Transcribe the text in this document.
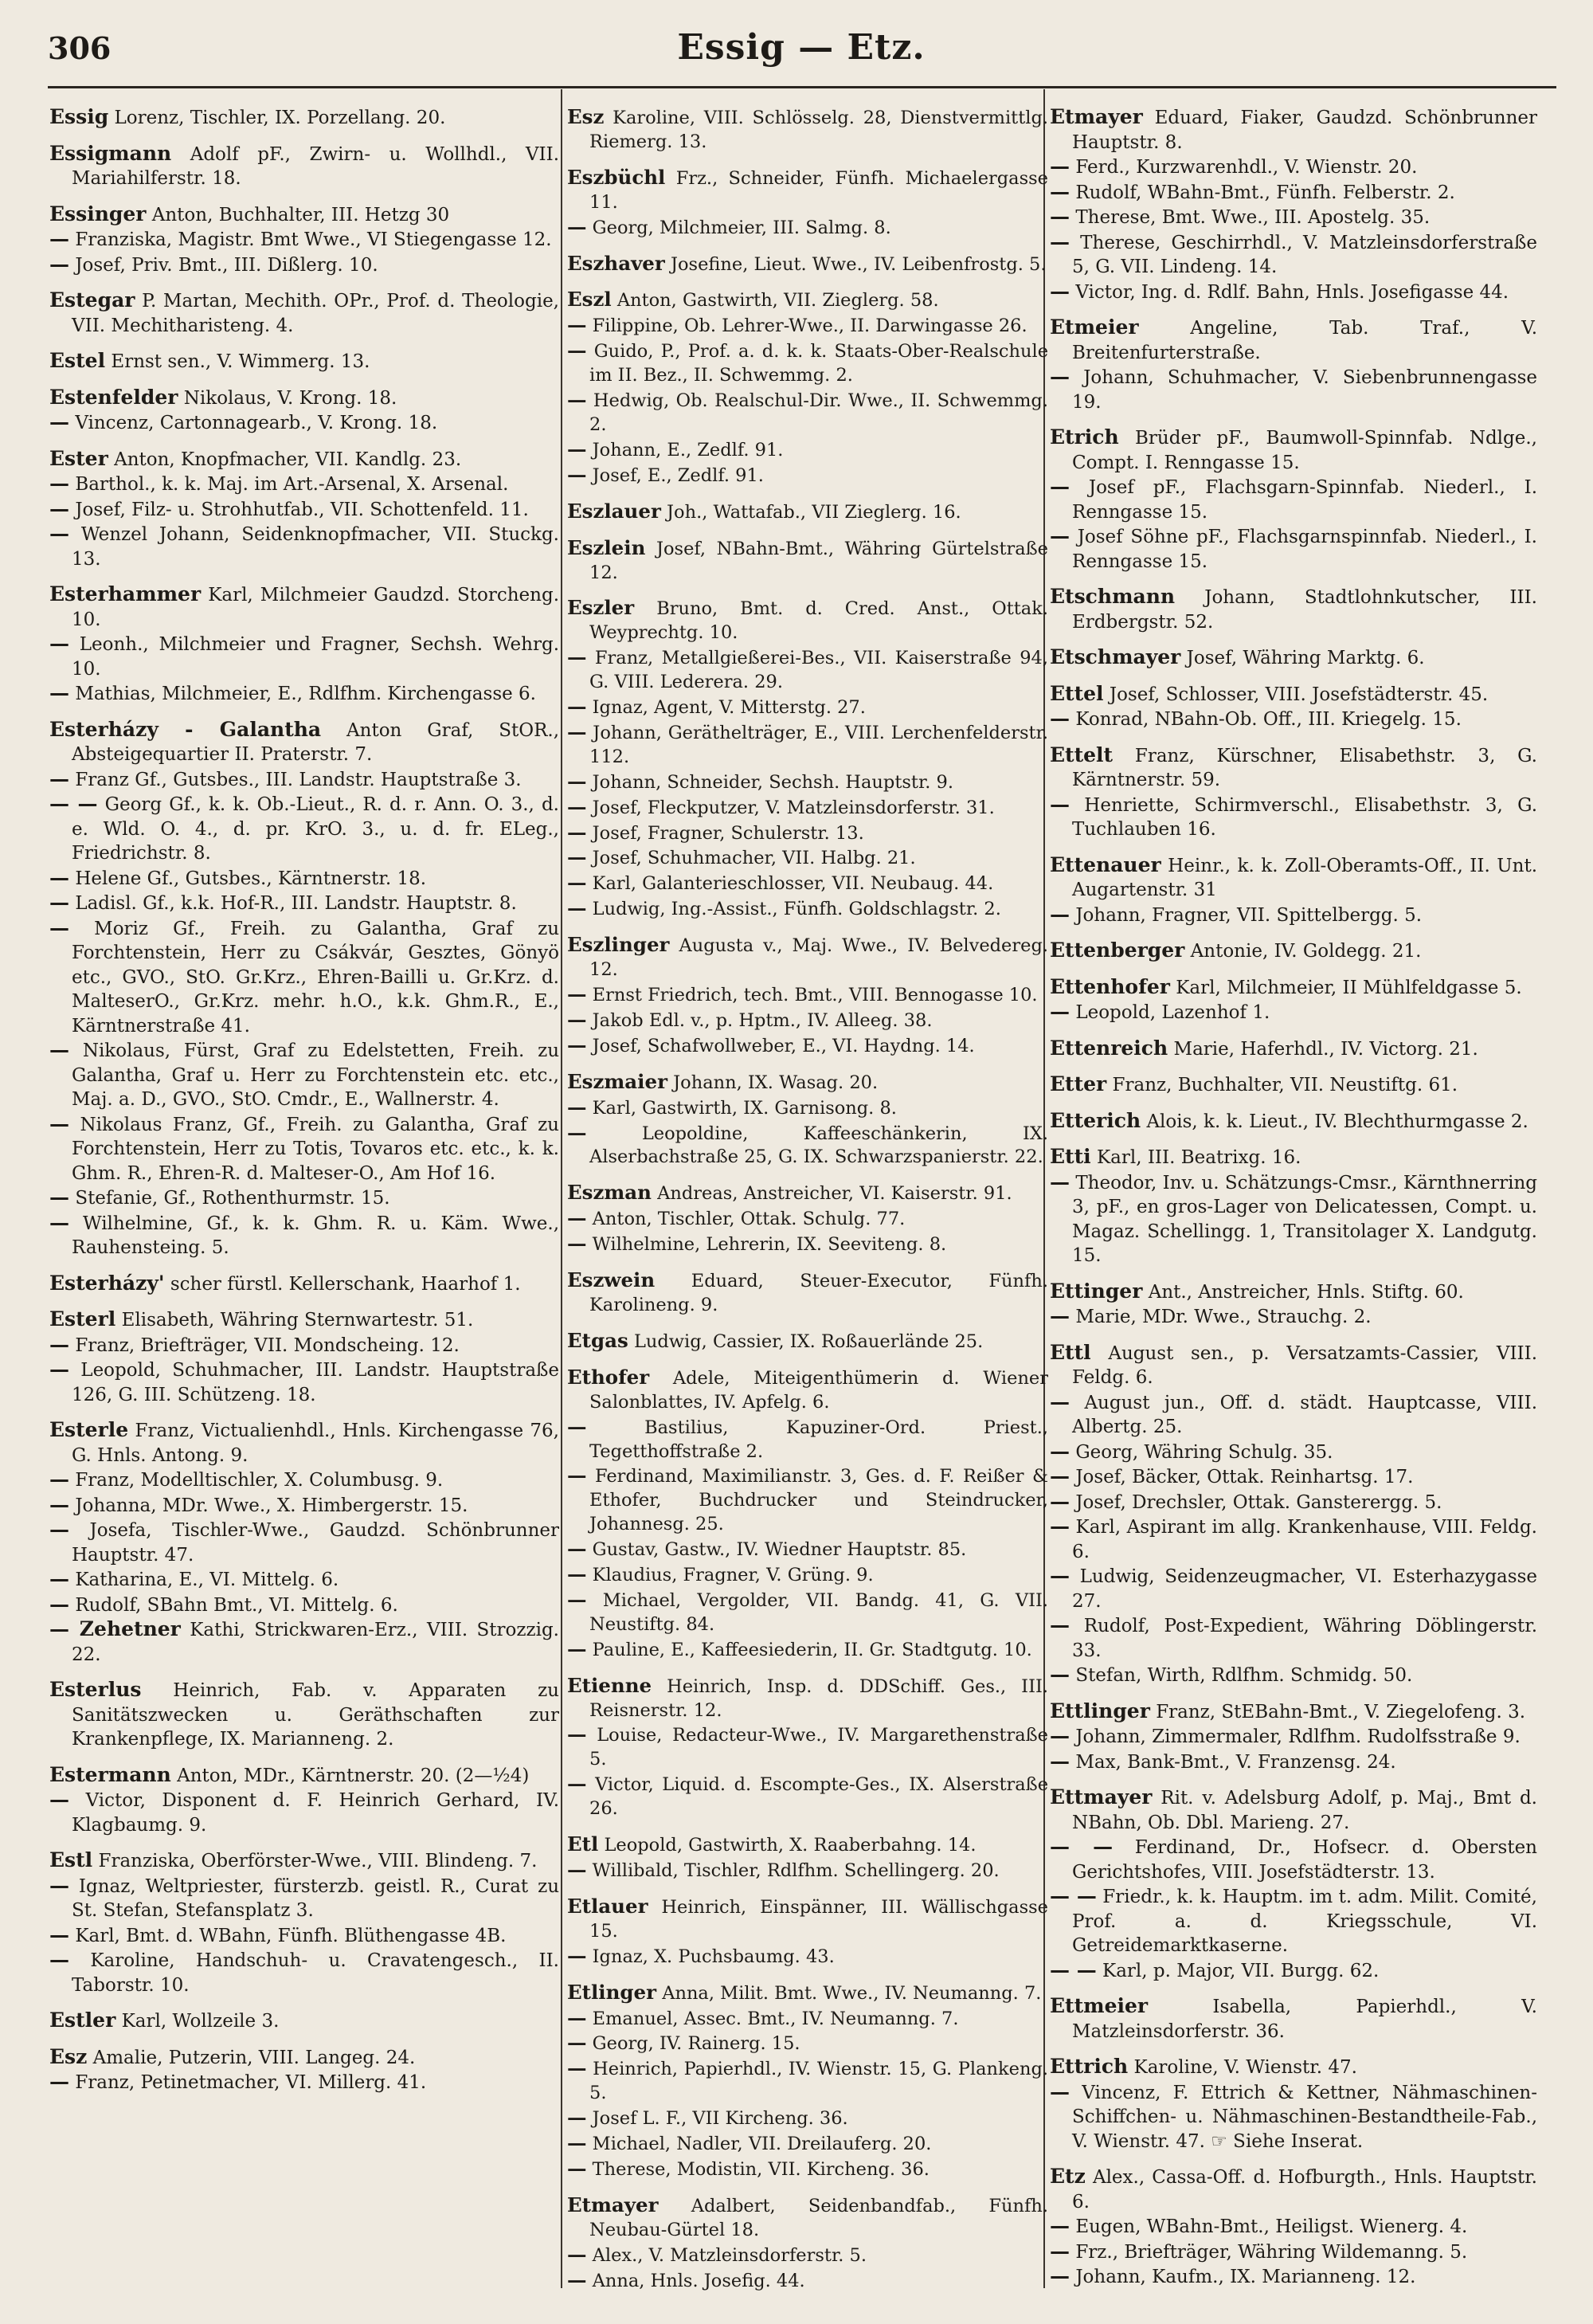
306	Essig — Etz.
Essig Lorenz, Tischler, IX. Porzellang. 20.
Essigmann Adolf pF., Zwirn- u. Wollhdl., VII. Mariahilferstr. 18.
Essinger Anton, Buchhalter, III. Hetzg 30
— Franziska, Magistr. Bmt Wwe., VI Stiegengasse 12.
— Josef, Priv. Bmt., III. Dißlerg. 10.
Estegar P. Martan, Mechith. OPr., Prof. d. Theologie, VII. Mechitharisteng. 4.
Estel Ernst sen., V. Wimmerg. 13.
Estenfelder Nikolaus, V. Krong. 18.
— Vincenz, Cartonnagearb., V. Krong. 18.
Ester Anton, Knopfmacher, VII. Kandlg. 23.
— Barthol., k. k. Maj. im Art.-Arsenal, X. Arsenal.
— Josef, Filz- u. Strohhutfab., VII. Schottenfeld. 11.
— Wenzel Johann, Seidenknopfmacher, VII. Stuckg. 13.
Esterhammer Karl, Milchmeier Gaudzd. Storcheng. 10.
— Leonh., Milchmeier und Fragner, Sechsh. Wehrg. 10.
— Mathias, Milchmeier, E., Rdlfhm. Kirchengasse 6.
Esterházy - Galantha Anton Graf, StOR., Absteigequartier II. Praterstr. 7.
— Franz Gf., Gutsbes., III. Landstr. Hauptstraße 3.
— — Georg Gf., k. k. Ob.-Lieut., R. d. r. Ann. O. 3., d. e. Wld. O. 4., d. pr. KrO. 3., u. d. fr. ELeg., Friedrichstr. 8.
— Helene Gf., Gutsbes., Kärntnerstr. 18.
— Ladisl. Gf., k.k. Hof-R., III. Landstr. Hauptstr. 8.
— Moriz Gf., Freih. zu Galantha, Graf zu Forchtenstein, Herr zu Csákvár, Gesztes, Gönyö etc., GVO., StO. Gr.Krz., Ehren-Bailli u. Gr.Krz. d. MalteserO., Gr.Krz. mehr. h.O., k.k. Ghm.R., E., Kärntnerstraße 41.
— Nikolaus, Fürst, Graf zu Edelstetten, Freih. zu Galantha, Graf u. Herr zu Forchtenstein etc. etc., Maj. a. D., GVO., StO. Cmdr., E., Wallnerstr. 4.
— Nikolaus Franz, Gf., Freih. zu Galantha, Graf zu Forchtenstein, Herr zu Totis, Tovaros etc. etc., k. k. Ghm. R., Ehren-R. d. Malteser-O., Am Hof 16.
— Stefanie, Gf., Rothenthurmstr. 15.
— Wilhelmine, Gf., k. k. Ghm. R. u. Käm. Wwe., Rauhensteing. 5.
Esterházy' scher fürstl. Kellerschank, Haarhof 1.
Esterl Elisabeth, Währing Sternwartestr. 51.
— Franz, Briefträger, VII. Mondscheing. 12.
— Leopold, Schuhmacher, III. Landstr. Hauptstraße 126, G. III. Schützeng. 18.
Esterle Franz, Victualienhdl., Hnls. Kirchengasse 76, G. Hnls. Antong. 9.
— Franz, Modelltischler, X. Columbusg. 9.
— Johanna, MDr. Wwe., X. Himbergerstr. 15.
— Josefa, Tischler-Wwe., Gaudzd. Schönbrunner Hauptstr. 47.
— Katharina, E., VI. Mittelg. 6.
— Rudolf, SBahn Bmt., VI. Mittelg. 6.
— Zehetner Kathi, Strickwaren-Erz., VIII. Strozzig. 22.
Esterlus Heinrich, Fab. v. Apparaten zu Sanitätszwecken u. Geräthschaften zur Krankenpflege, IX. Marianneng. 2.
Estermann Anton, MDr., Kärntnerstr. 20. (2—½4)
— Victor, Disponent d. F. Heinrich Gerhard, IV. Klagbaumg. 9.
Estl Franziska, Oberförster-Wwe., VIII. Blindeng. 7.
— Ignaz, Weltpriester, fürsterzb. geistl. R., Curat zu St. Stefan, Stefansplatz 3.
— Karl, Bmt. d. WBahn, Fünfh. Blüthengasse 4B.
— Karoline, Handschuh- u. Cravatengesch., II. Taborstr. 10.
Estler Karl, Wollzeile 3.
Esz Amalie, Putzerin, VIII. Langeg. 24.
— Franz, Petinetmacher, VI. Millerg. 41.
Esz Karoline, VIII. Schlösselg. 28, Dienstvermittlg. Riemerg. 13.
Eszbüchl Frz., Schneider, Fünfh. Michaelergasse 11.
— Georg, Milchmeier, III. Salmg. 8.
Eszhaver Josefine, Lieut. Wwe., IV. Leibenfrostg. 5.
Eszl Anton, Gastwirth, VII. Zieglerg. 58.
— Filippine, Ob. Lehrer-Wwe., II. Darwingasse 26.
— Guido, P., Prof. a. d. k. k. Staats-Ober-Realschule im II. Bez., II. Schwemmg. 2.
— Hedwig, Ob. Realschul-Dir. Wwe., II. Schwemmg. 2.
— Johann, E., Zedlf. 91.
— Josef, E., Zedlf. 91.
Eszlauer Joh., Wattafab., VII Zieglerg. 16.
Eszlein Josef, NBahn-Bmt., Währing Gürtelstraße 12.
Eszler Bruno, Bmt. d. Cred. Anst., Ottak. Weyprechtg. 10.
— Franz, Metallgießerei-Bes., VII. Kaiserstraße 94, G. VIII. Lederera. 29.
— Ignaz, Agent, V. Mitterstg. 27.
— Johann, Geräthelträger, E., VIII. Lerchenfelderstr. 112.
— Johann, Schneider, Sechsh. Hauptstr. 9.
— Josef, Fleckputzer, V. Matzleinsdorferstr. 31.
— Josef, Fragner, Schulerstr. 13.
— Josef, Schuhmacher, VII. Halbg. 21.
— Karl, Galanterieschlosser, VII. Neubaug. 44.
— Ludwig, Ing.-Assist., Fünfh. Goldschlagstr. 2.
Eszlinger Augusta v., Maj. Wwe., IV. Belvedereg. 12.
— Ernst Friedrich, tech. Bmt., VIII. Bennogasse 10.
— Jakob Edl. v., p. Hptm., IV. Alleeg. 38.
— Josef, Schafwollweber, E., VI. Haydng. 14.
Eszmaier Johann, IX. Wasag. 20.
— Karl, Gastwirth, IX. Garnisong. 8.
—	Leopoldine, Kaffeeschänkerin, IX. Alserbachstraße 25, G. IX. Schwarzspanierstr. 22.
Eszman Andreas, Anstreicher, VI. Kaiserstr. 91.
— Anton, Tischler, Ottak. Schulg. 77.
— Wilhelmine, Lehrerin, IX. Seeviteng. 8.
Eszwein Eduard, Steuer-Executor, Fünfh. Karolineng. 9.
Etgas Ludwig, Cassier, IX. Roßauerlände 25.
Ethofer Adele, Miteigenthümerin d. Wiener Salonblattes, IV. Apfelg. 6.
—	Bastilius, Kapuziner-Ord. Priest., Tegetthoffstraße 2.
— Ferdinand, Maximilianstr. 3, Ges. d. F. Reißer & Ethofer, Buchdrucker und Steindrucker, Johannesg. 25.
— Gustav, Gastw., IV. Wiedner Hauptstr. 85.
— Klaudius, Fragner, V. Grüng. 9.
— Michael, Vergolder, VII. Bandg. 41, G. VII. Neustiftg. 84.
— Pauline, E., Kaffeesiederin, II. Gr. Stadtgutg. 10.
Etienne Heinrich, Insp. d. DDSchiff. Ges., III. Reisnerstr. 12.
— Louise, Redacteur-Wwe., IV. Margarethenstraße 5.
— Victor, Liquid. d. Escompte-Ges., IX. Alserstraße 26.
Etl Leopold, Gastwirth, X. Raaberbahng. 14.
— Willibald, Tischler, Rdlfhm. Schellingerg. 20.
Etlauer Heinrich, Einspänner, III. Wällischgasse 15.
— Ignaz, X. Puchsbaumg. 43.
Etlinger Anna, Milit. Bmt. Wwe., IV. Neumanng. 7.
— Emanuel, Assec. Bmt., IV. Neumanng. 7.
— Georg, IV. Rainerg. 15.
— Heinrich, Papierhdl., IV. Wienstr. 15, G. Plankeng. 5.
— Josef L. F., VII Kircheng. 36.
— Michael, Nadler, VII. Dreilauferg. 20.
— Therese, Modistin, VII. Kircheng. 36.
Etmayer Adalbert, Seidenbandfab., Fünfh. Neubau-Gürtel 18.
— Alex., V. Matzleinsdorferstr. 5.
— Anna, Hnls. Josefig. 44.
Etmayer Eduard, Fiaker, Gaudzd. Schönbrunner Hauptstr. 8.
— Ferd., Kurzwarenhdl., V. Wienstr. 20.
— Rudolf, WBahn-Bmt., Fünfh. Felberstr. 2.
— Therese, Bmt. Wwe., III. Apostelg. 35.
— Therese, Geschirrhdl., V. Matzleinsdorferstraße 5, G. VII. Lindeng. 14.
— Victor, Ing. d. Rdlf. Bahn, Hnls. Josefigasse 44.
Etmeier	Angeline, Tab. Traf., V. Breitenfurterstraße.
— Johann, Schuhmacher, V. Siebenbrunnengasse 19.
Etrich Brüder pF., Baumwoll-Spinnfab. Ndlge., Compt. I. Renngasse 15.
— Josef pF., Flachsgarn-Spinnfab. Niederl., I. Renngasse 15.
— Josef Söhne pF., Flachsgarnspinnfab. Niederl., I. Renngasse 15.
Etschmann Johann, Stadtlohnkutscher, III. Erdbergstr. 52.
Etschmayer Josef, Währing Marktg. 6.
Ettel Josef, Schlosser, VIII. Josefstädterstr. 45.
— Konrad, NBahn-Ob. Off., III. Kriegelg. 15.
Ettelt Franz, Kürschner, Elisabethstr. 3, G. Kärntnerstr. 59.
— Henriette, Schirmverschl., Elisabethstr. 3, G. Tuchlauben 16.
Ettenauer Heinr., k. k. Zoll-Oberamts-Off., II. Unt. Augartenstr. 31
— Johann, Fragner, VII. Spittelbergg. 5.
Ettenberger Antonie, IV. Goldegg. 21.
Ettenhofer Karl, Milchmeier, II Mühlfeldgasse 5.
— Leopold, Lazenhof 1.
Ettenreich Marie, Haferhdl., IV. Victorg. 21.
Etter Franz, Buchhalter, VII. Neustiftg. 61.
Etterich Alois, k. k. Lieut., IV. Blechthurmgasse 2.
Etti Karl, III. Beatrixg. 16.
— Theodor, Inv. u. Schätzungs-Cmsr., Kärnthnerring 3, pF., en gros-Lager von Delicatessen, Compt. u. Magaz. Schellingg. 1, Transitolager X. Landgutg. 15.
Ettinger Ant., Anstreicher, Hnls. Stiftg. 60.
— Marie, MDr. Wwe., Strauchg. 2.
Ettl August sen., p. Versatzamts-Cassier, VIII. Feldg. 6.
— August jun., Off. d. städt. Hauptcasse, VIII. Albertg. 25.
— Georg, Währing Schulg. 35.
— Josef, Bäcker, Ottak. Reinhartsg. 17.
— Josef, Drechsler, Ottak. Gansterergg. 5.
— Karl, Aspirant im allg. Krankenhause, VIII. Feldg. 6.
— Ludwig, Seidenzeugmacher, VI. Esterhazygasse 27.
— Rudolf, Post-Expedient, Währing Döblingerstr. 33.
— Stefan, Wirth, Rdlfhm. Schmidg. 50.
Ettlinger Franz, StEBahn-Bmt., V. Ziegelofeng. 3.
— Johann, Zimmermaler, Rdlfhm. Rudolfsstraße 9.
— Max, Bank-Bmt., V. Franzensg. 24.
Ettmayer Rit. v. Adelsburg Adolf, p. Maj., Bmt d. NBahn, Ob. Dbl. Marieng. 27.
— — Ferdinand, Dr., Hofsecr. d. Obersten Gerichtshofes, VIII. Josefstädterstr. 13.
— — Friedr., k. k. Hauptm. im t. adm. Milit. Comité, Prof. a. d. Kriegsschule, VI. Getreidemarktkaserne.
— — Karl, p. Major, VII. Burgg. 62.
Ettmeier	Isabella, Papierhdl., V. Matzleinsdorferstr. 36.
Ettrich Karoline, V. Wienstr. 47.
— Vincenz, F. Ettrich & Kettner, Nähmaschinen-Schiffchen- u. Nähmaschinen-Bestandtheile-Fab., V. Wienstr. 47. ☞ Siehe Inserat.
Etz Alex., Cassa-Off. d. Hofburgth., Hnls. Hauptstr. 6.
— Eugen, WBahn-Bmt., Heiligst. Wienerg. 4.
— Frz., Briefträger, Währing Wildemanng. 5.
— Johann, Kaufm., IX. Marianneng. 12.
